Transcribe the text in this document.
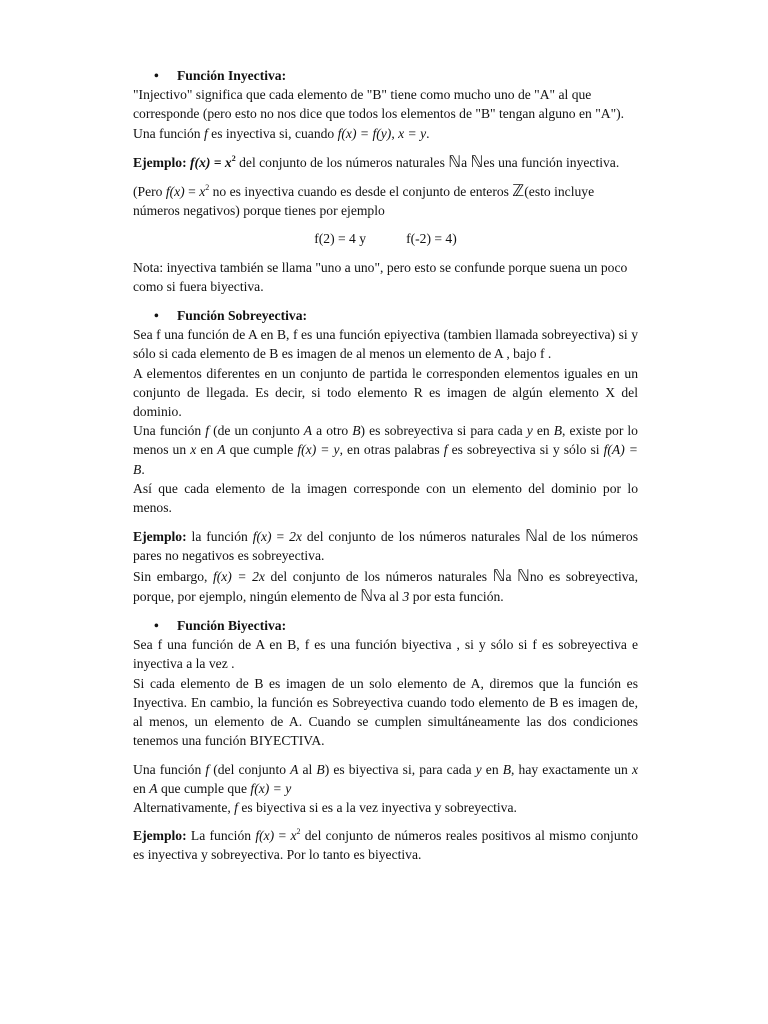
• Función Inyectiva:

"Injectivo" significa que cada elemento de "B" tiene como mucho uno de "A" al que corresponde (pero esto no nos dice que todos los elementos de "B" tengan alguno en "A").

Una función f es inyectiva si, cuando f(x) = f(y), x = y.

Ejemplo: $f(x) = x^2$ del conjunto de los números naturales ℕa ℕes una función inyectiva.

(Pero $f(x) = x^2$ no es inyectiva cuando es desde el conjunto de enteros ℤ(esto incluye números negativos) porque tienes por ejemplo

f(2) = 4 y	f(-2) = 4)

Nota: inyectiva también se llama "uno a uno", pero esto se confunde porque suena un poco como si fuera biyectiva.

• Función Sobreyectiva:

Sea f una función de A en B, f es una función epiyectiva (tambien llamada sobreyectiva) si y sólo si cada elemento de B es imagen de al menos un elemento de A , bajo f .

A elementos diferentes en un conjunto de partida le corresponden elementos iguales en un conjunto de llegada. Es decir, si todo elemento R es imagen de algún elemento X del dominio.

Una función f (de un conjunto A a otro B) es sobreyectiva si para cada y en B, existe por lo menos un x en A que cumple f(x) = y, en otras palabras f es sobreyectiva si y sólo si f(A) = B.

Así que cada elemento de la imagen corresponde con un elemento del dominio por lo menos.

Ejemplo: la función f(x) = 2x del conjunto de los números naturales ℕal de los números pares no negativos es sobreyectiva.

Sin embargo, f(x) = 2x del conjunto de los números naturales ℕa ℕno es sobreyectiva, porque, por ejemplo, ningún elemento de ℕva al 3 por esta función.

• Función Biyectiva:

Sea f una función de A en B, f es una función biyectiva , si y sólo si f es sobreyectiva e inyectiva a la vez .

Si cada elemento de B es imagen de un solo elemento de A, diremos que la función es Inyectiva. En cambio, la función es Sobreyectiva cuando todo elemento de B es imagen de, al menos, un elemento de A. Cuando se cumplen simultáneamente las dos condiciones tenemos una función BIYECTIVA.

Una función f (del conjunto A al B) es biyectiva si, para cada y en B, hay exactamente un x en A que cumple que f(x) = y

Alternativamente, f es biyectiva si es a la vez inyectiva y sobreyectiva.

Ejemplo: La función $f(x) = x^2$ del conjunto de números reales positivos al mismo conjunto es inyectiva y sobreyectiva. Por lo tanto es biyectiva.
